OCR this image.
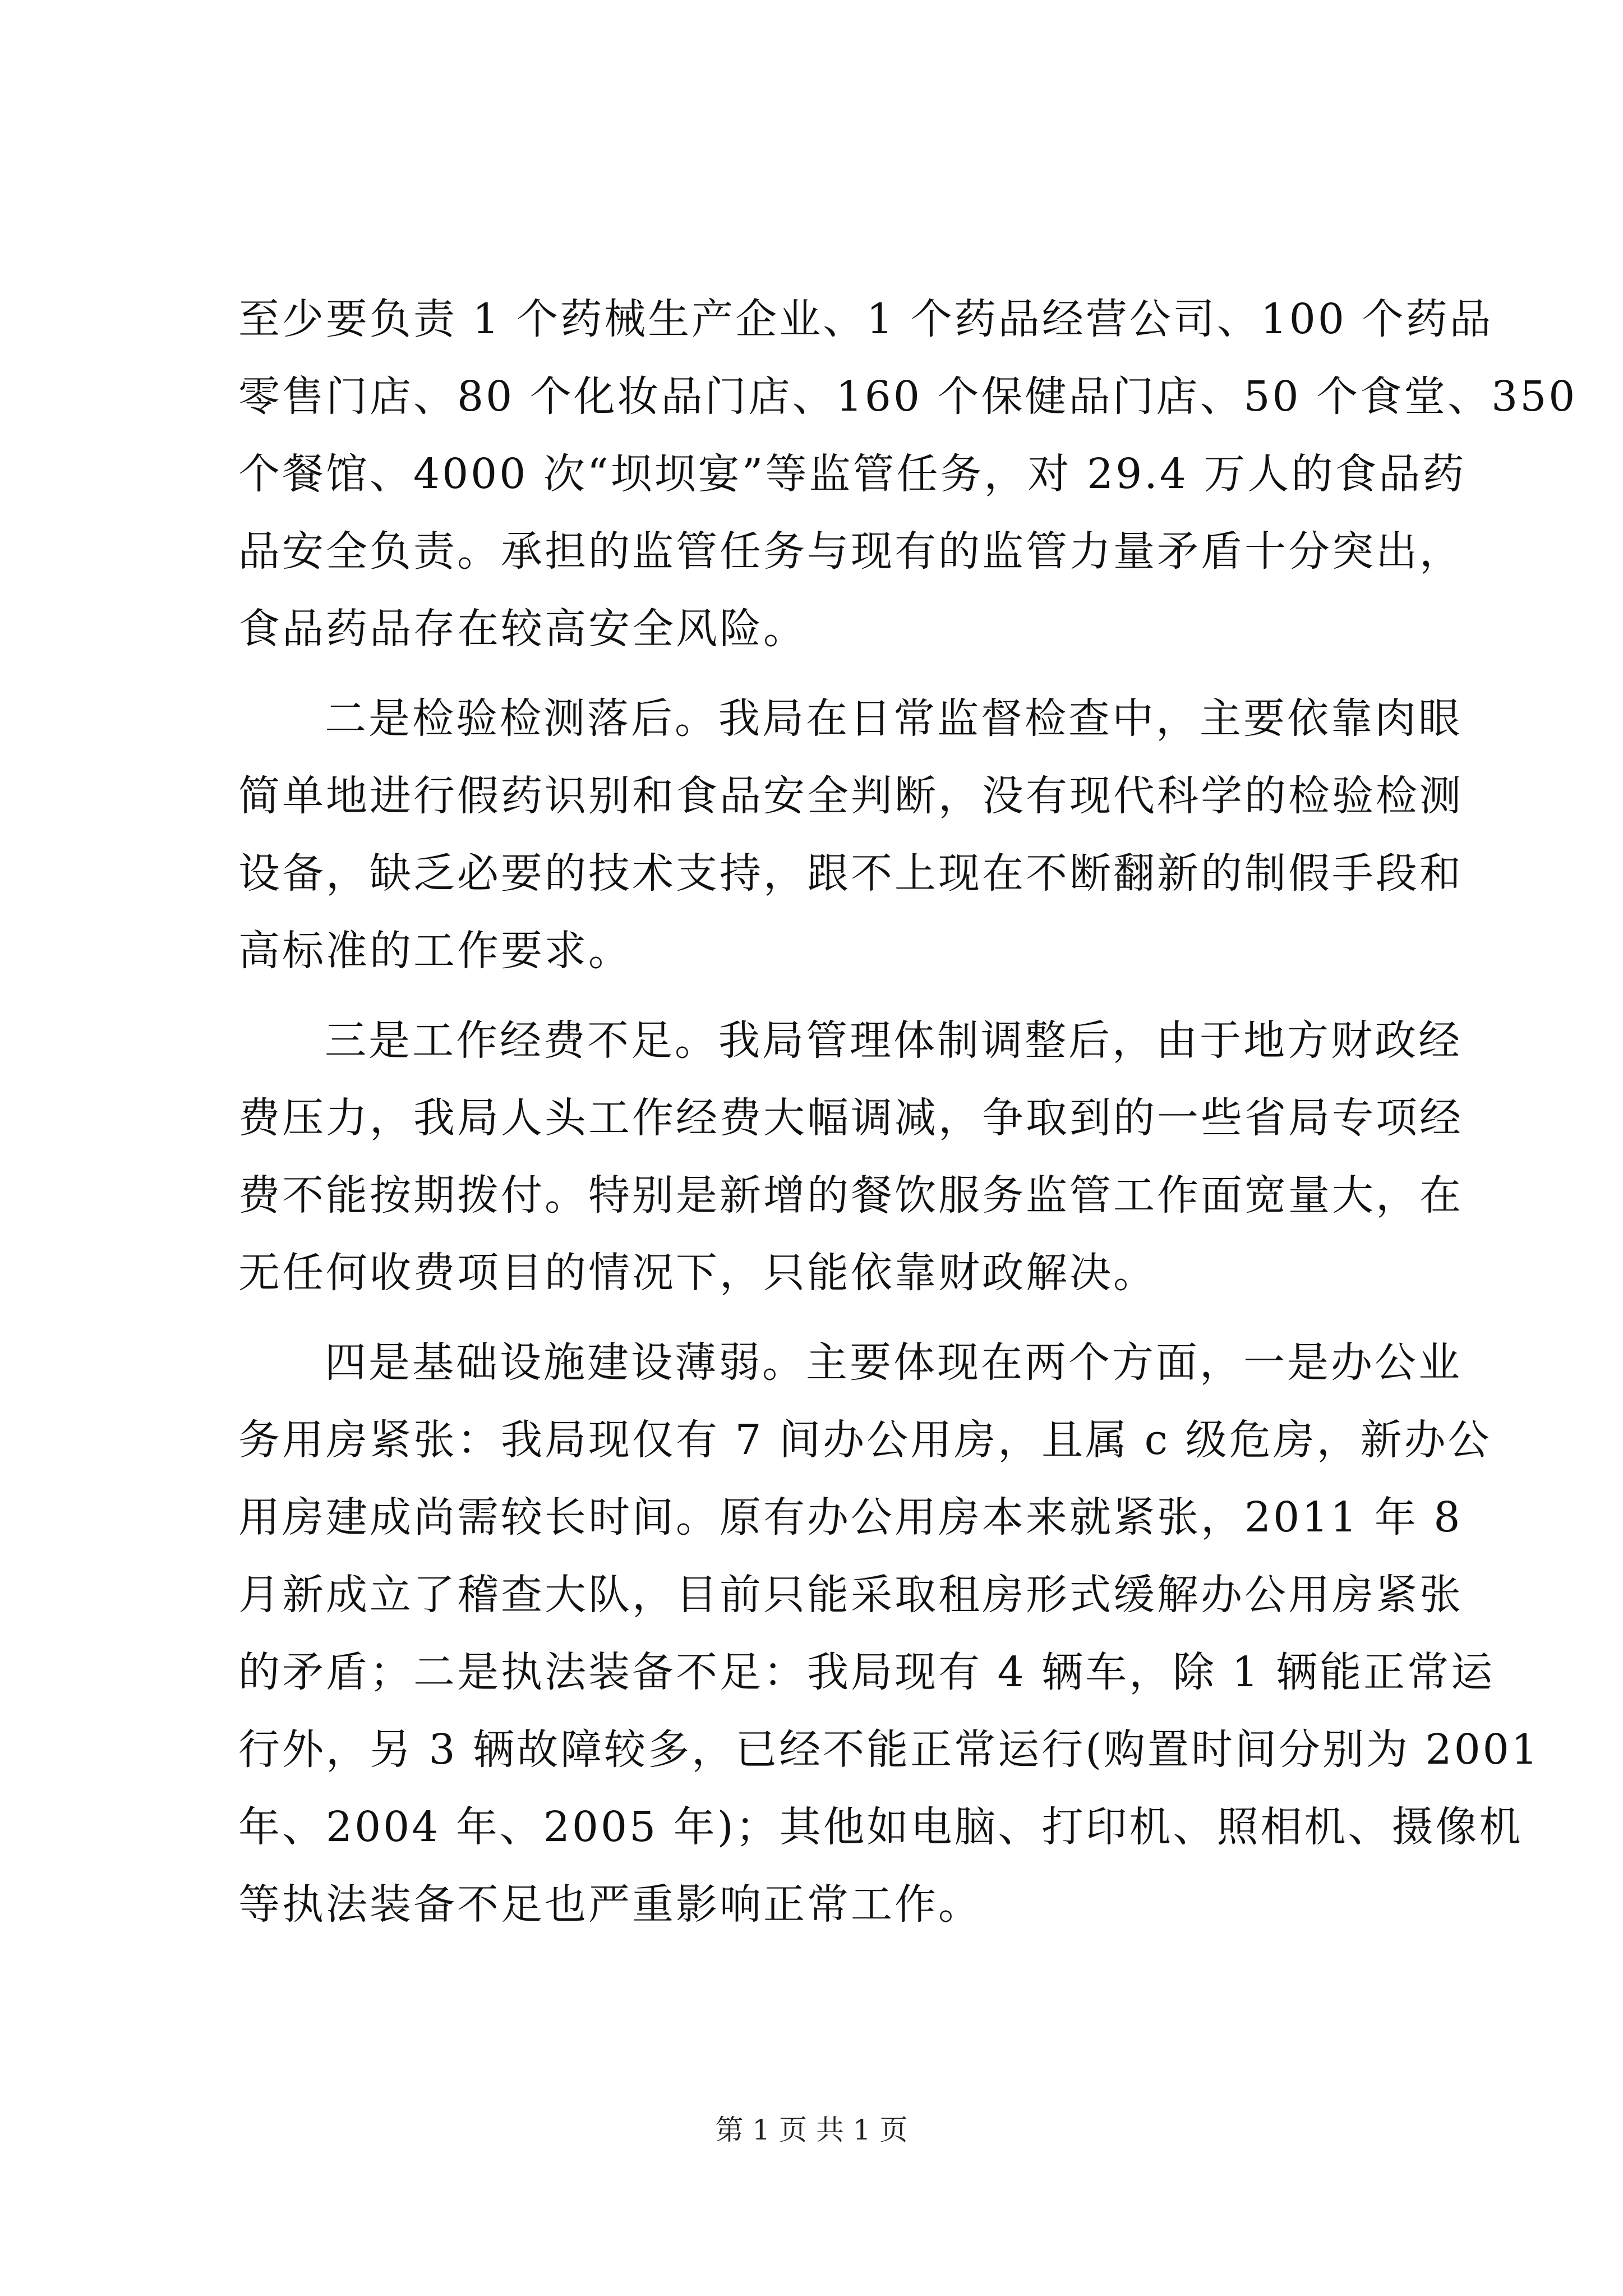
至少要负责 1 个药械生产企业、1 个药品经营公司、100 个药品
零售门店、80 个化妆品门店、160 个保健品门店、50 个食堂、350
个餐馆、4000 次“坝坝宴”等监管任务，对 29.4 万人的食品药
品安全负责。承担的监管任务与现有的监管力量矛盾十分突出，
食品药品存在较高安全风险。
二是检验检测落后。我局在日常监督检查中，主要依靠肉眼
简单地进行假药识别和食品安全判断，没有现代科学的检验检测
设备，缺乏必要的技术支持，跟不上现在不断翻新的制假手段和
高标准的工作要求。
三是工作经费不足。我局管理体制调整后，由于地方财政经
费压力，我局人头工作经费大幅调减，争取到的一些省局专项经
费不能按期拨付。特别是新增的餐饮服务监管工作面宽量大，在
无任何收费项目的情况下，只能依靠财政解决。
四是基础设施建设薄弱。主要体现在两个方面，一是办公业
务用房紧张：我局现仅有 7 间办公用房，且属 c 级危房，新办公
用房建成尚需较长时间。原有办公用房本来就紧张，2011 年 8
月新成立了稽查大队，目前只能采取租房形式缓解办公用房紧张
的矛盾；二是执法装备不足：我局现有 4 辆车，除 1 辆能正常运
行外，另 3 辆故障较多，已经不能正常运行(购置时间分别为 2001
年、2004 年、2005 年)；其他如电脑、打印机、照相机、摄像机
等执法装备不足也严重影响正常工作。
第 1 页 共 1 页
